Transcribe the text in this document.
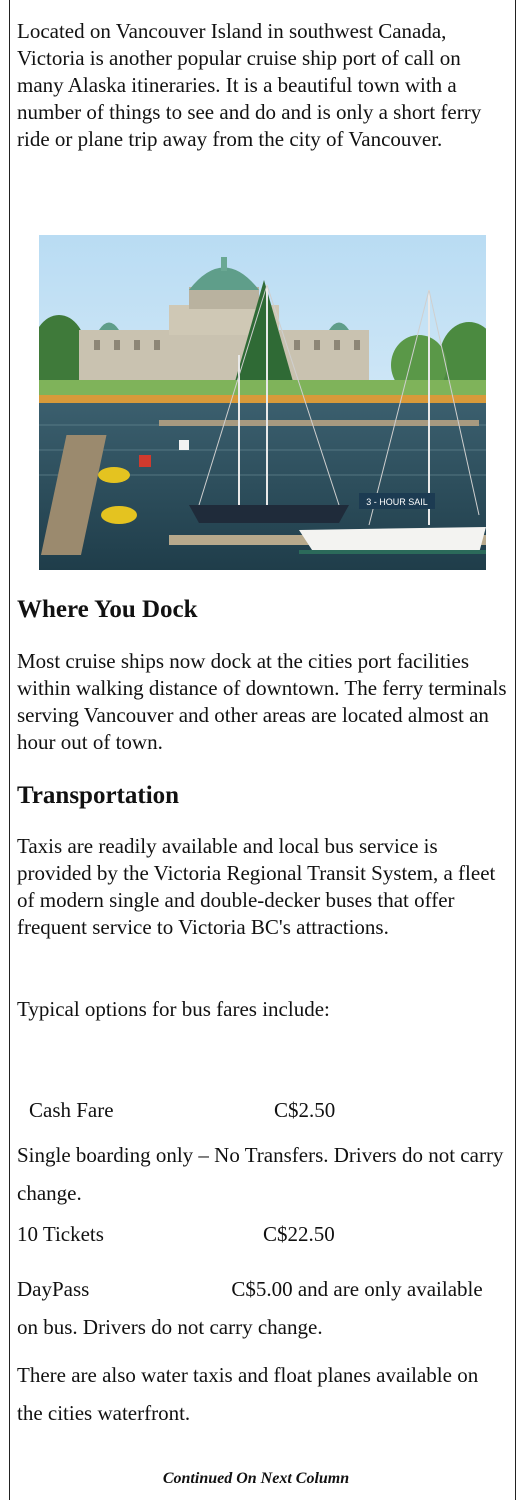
Located on Vancouver Island in southwest Canada, Victoria is another popular cruise ship port of call on many Alaska itineraries. It is a beautiful town with a number of things to see and do and is only a short ferry ride or plane trip away from the city of Vancouver.

3 - HOUR SAIL
Where You Dock

Most cruise ships now dock at the cities port facilities within walking distance of downtown. The ferry terminals serving Vancouver and other areas are located almost an hour out of town.

Transportation

Taxis are readily available and local bus service is provided by the Victoria Regional Transit System, a fleet of modern single and double-decker buses that offer frequent service to Victoria BC's attractions.

Typical options for bus fares include:

Cash Fare	C$2.50

Single boarding only – No Transfers. Drivers do not carry change.

10 Tickets	C$22.50

DayPass	C$5.00 and are only available on bus. Drivers do not carry change.

There are also water taxis and float planes available on the cities waterfront.

Continued On Next Column
